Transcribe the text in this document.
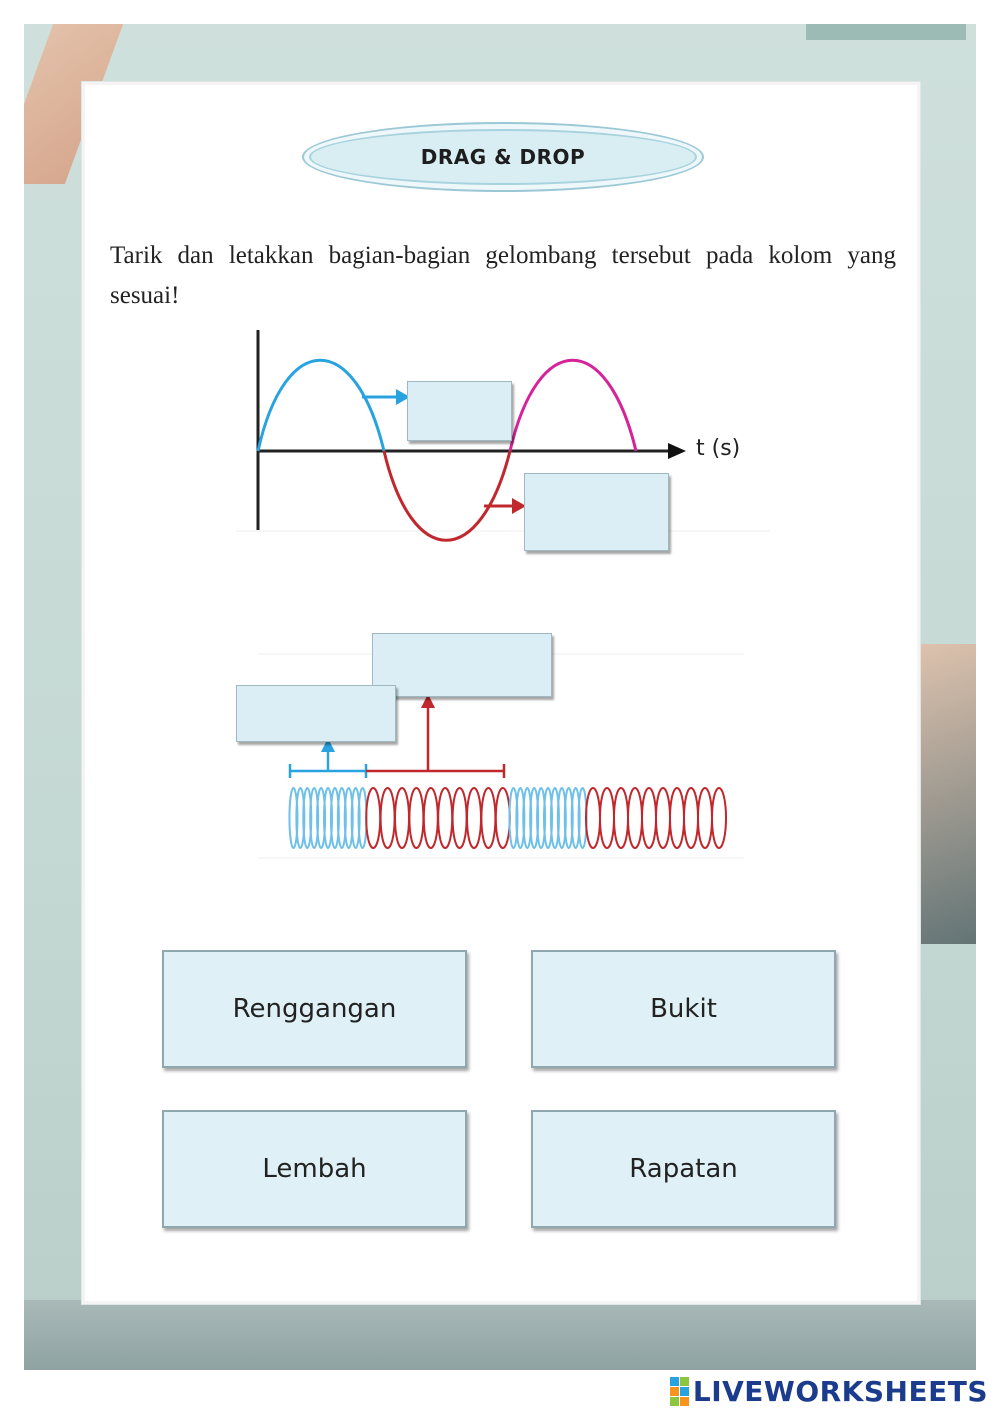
DRAG & DROP
Tarik dan letakkan bagian-bagian gelombang tersebut pada kolom yang sesuai!
Renggangan	Bukit
Lembah	Rapatan
t (s)
LIVEWORKSHEETS
